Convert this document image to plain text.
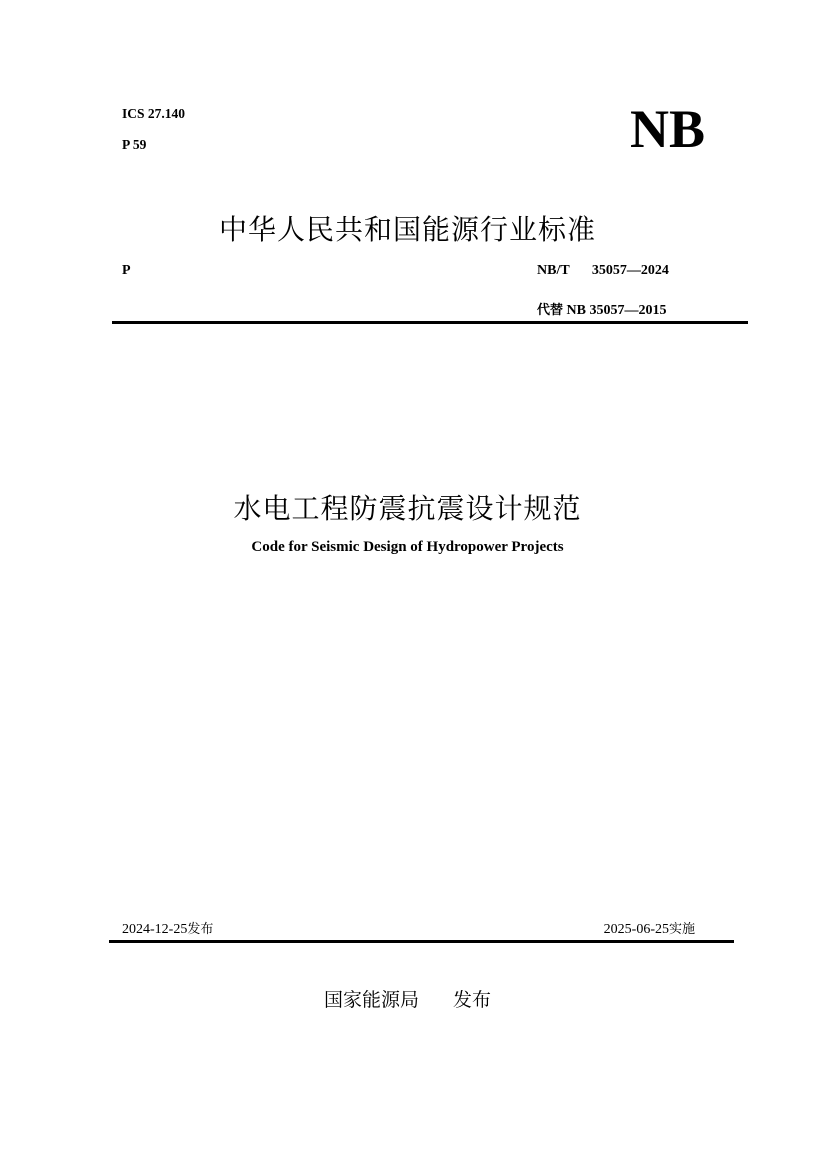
ICS 27.140
P 59	NB
中华人民共和国能源行业标准
P	NB/T   35057—2024
代替 NB 35057—2015
水电工程防震抗震设计规范
Code for Seismic Design of Hydropower Projects
2024-12-25发布	2025-06-25实施
国家能源局 发布
